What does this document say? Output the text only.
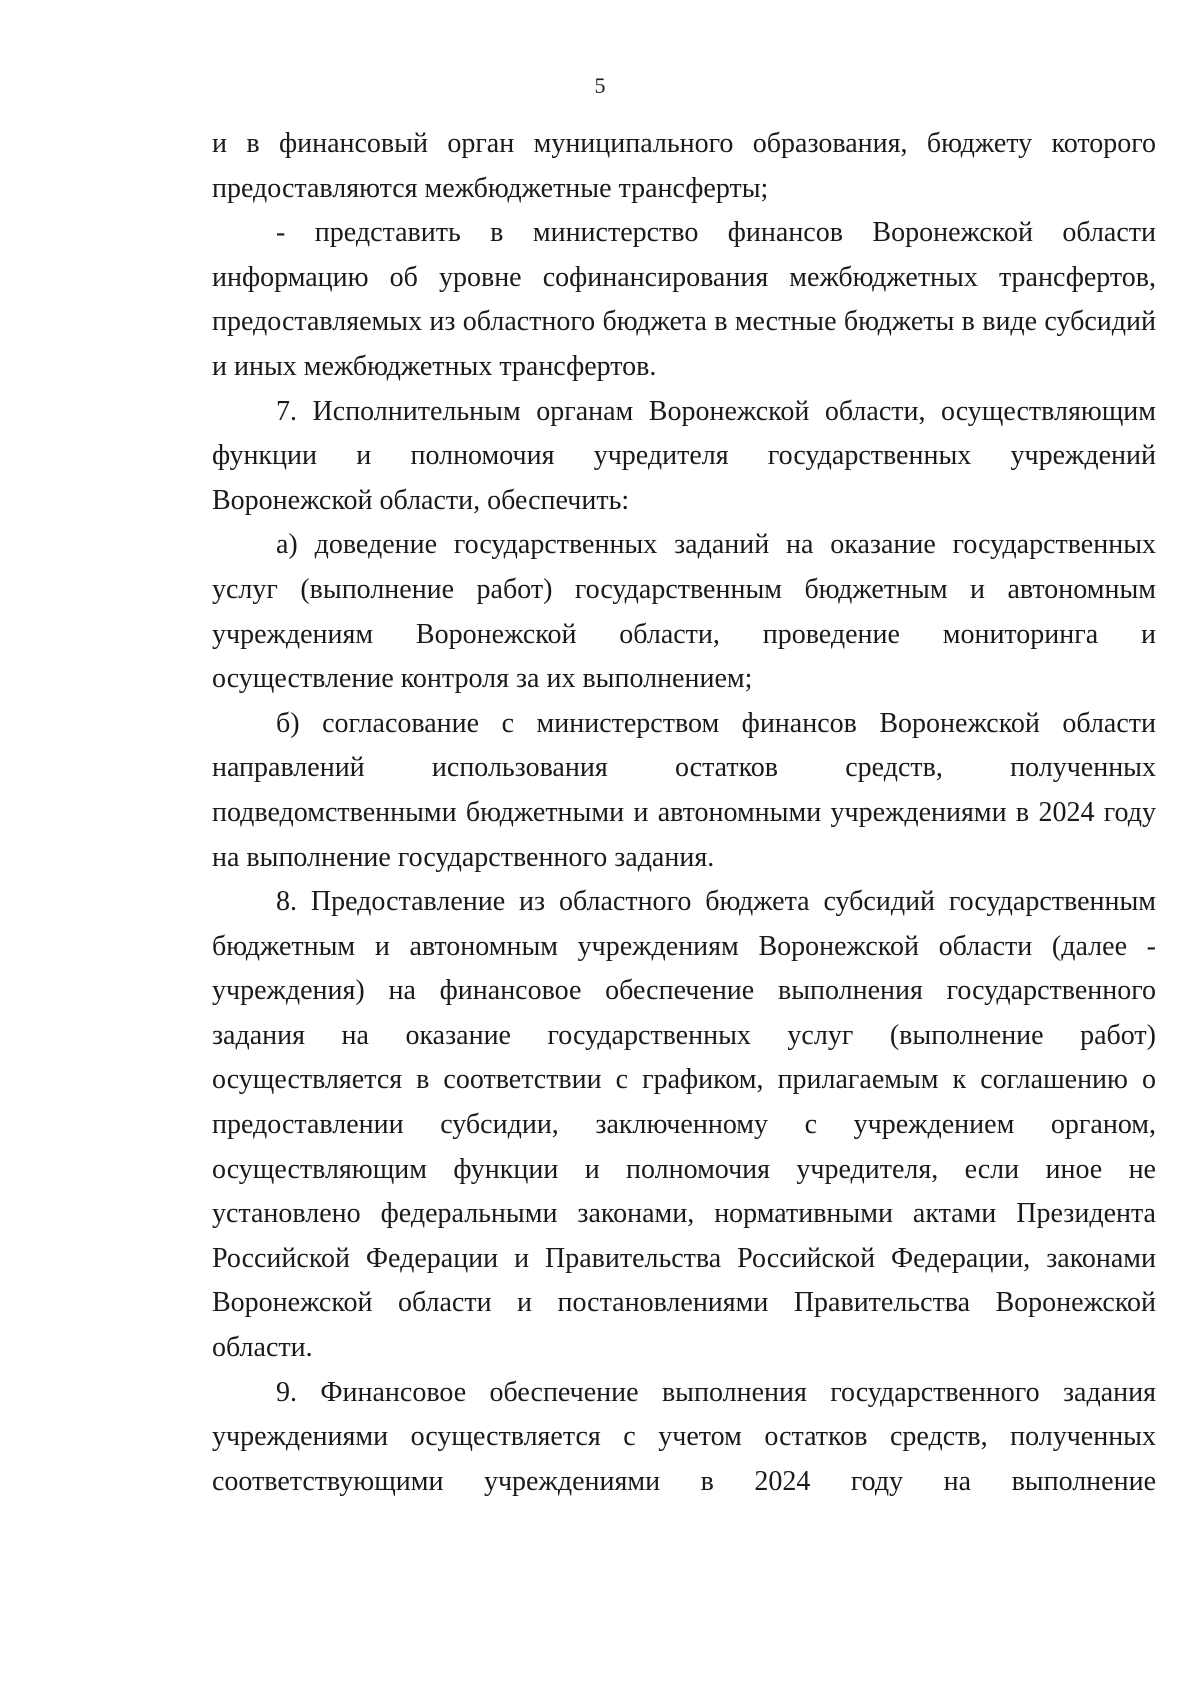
5

и в финансовый орган муниципального образования, бюджету которого предоставляются межбюджетные трансферты;

- представить в министерство финансов Воронежской области информацию об уровне софинансирования межбюджетных трансфертов, предоставляемых из областного бюджета в местные бюджеты в виде субсидий и иных межбюджетных трансфертов.

7. Исполнительным органам Воронежской области, осуществляющим функции и полномочия учредителя государственных учреждений Воронежской области, обеспечить:

а) доведение государственных заданий на оказание государственных услуг (выполнение работ) государственным бюджетным и автономным учреждениям Воронежской области, проведение мониторинга и осуществление контроля за их выполнением;

б) согласование с министерством финансов Воронежской области направлений использования остатков средств, полученных подведомственными бюджетными и автономными учреждениями в 2024 году на выполнение государственного задания.

8. Предоставление из областного бюджета субсидий государственным бюджетным и автономным учреждениям Воронежской области (далее - учреждения) на финансовое обеспечение выполнения государственного задания на оказание государственных услуг (выполнение работ) осуществляется в соответствии с графиком, прилагаемым к соглашению о предоставлении субсидии, заключенному с учреждением органом, осуществляющим функции и полномочия учредителя, если иное не установлено федеральными законами, нормативными актами Президента Российской Федерации и Правительства Российской Федерации, законами Воронежской области и постановлениями Правительства Воронежской области.

9. Финансовое обеспечение выполнения государственного задания учреждениями осуществляется с учетом остатков средств, полученных соответствующими учреждениями в 2024 году на выполнение
